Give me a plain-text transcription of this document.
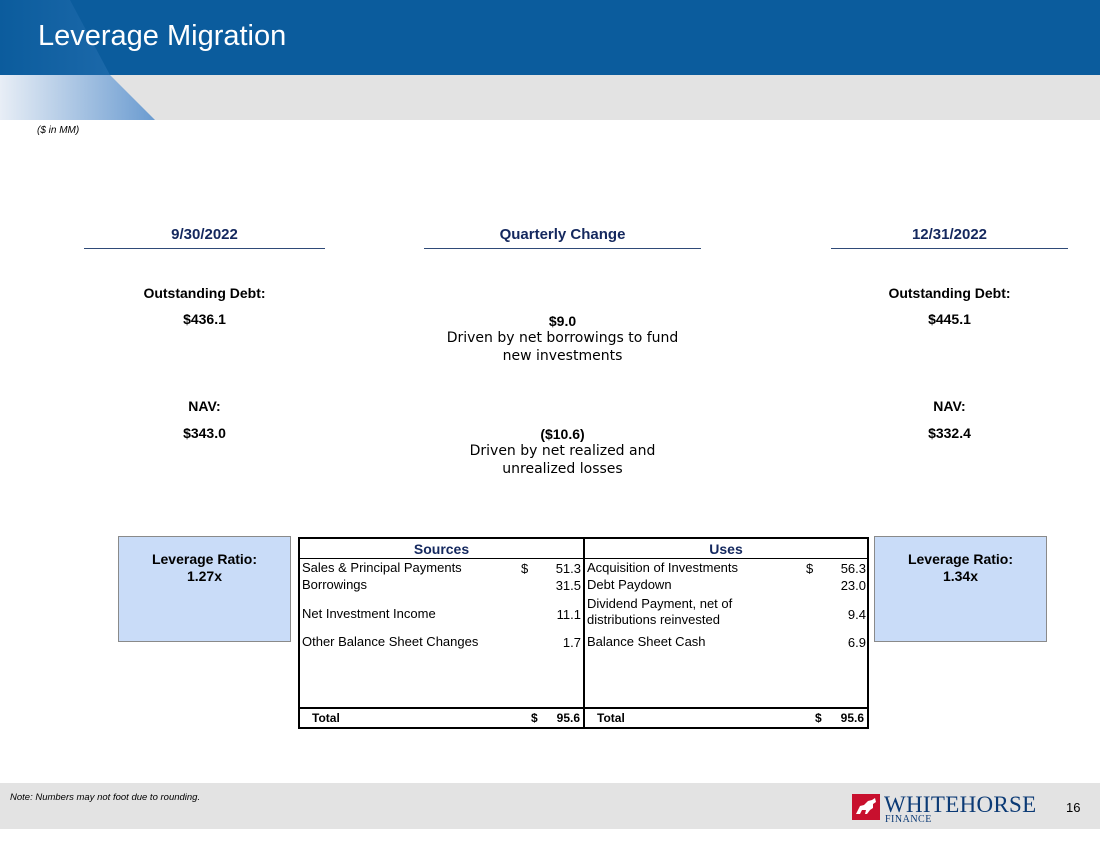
Leverage Migration
($ in MM)
9/30/2022	Quarterly Change	12/31/2022
Outstanding Debt:
$436.1
Outstanding Debt:
$445.1
$9.0
Driven by net borrowings to fund
new investments
NAV:
$343.0
NAV:
$332.4
($10.6)
Driven by net realized and
unrealized losses
Leverage Ratio:
1.27x
Leverage Ratio:
1.34x
Sources
Sales & Principal Payments	$	51.3
Borrowings	31.5
Net Investment Income	11.1
Other Balance Sheet Changes	1.7
Total	$ 95.6
Uses
Acquisition of Investments	$	56.3
Debt Paydown	23.0
Dividend Payment, net of
distributions reinvested	9.4
Balance Sheet Cash	6.9
Total	$ 95.6
Note: Numbers may not foot due to rounding.	WHITEHORSE
FINANCE
16
